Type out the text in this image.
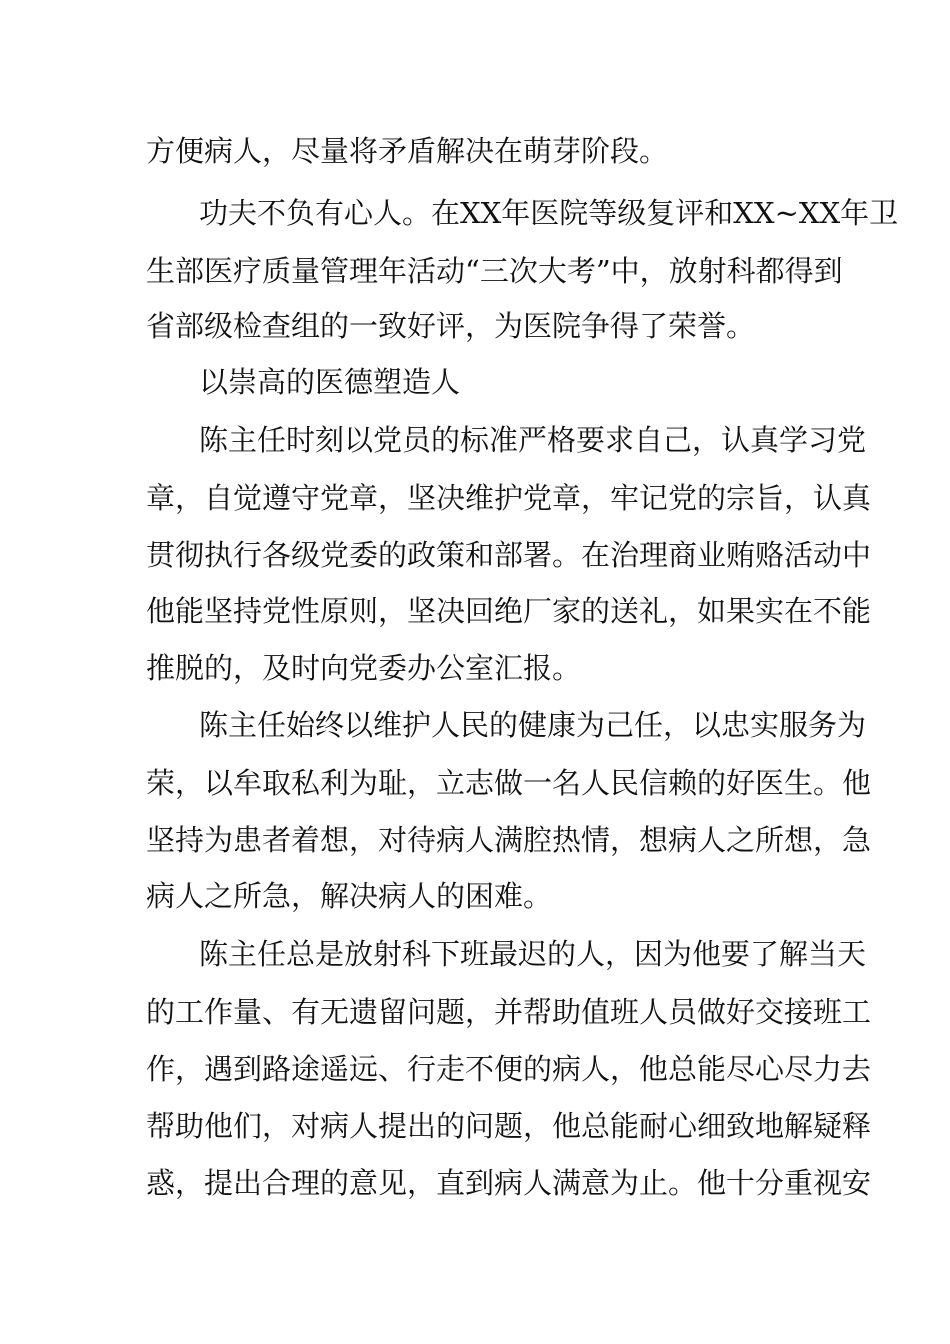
方便病人，尽量将矛盾解决在萌芽阶段。
功夫不负有心人。在XX年医院等级复评和XX~XX年卫
生部医疗质量管理年活动“三次大考”中，放射科都得到
省部级检查组的一致好评，为医院争得了荣誉。
以崇高的医德塑造人
陈主任时刻以党员的标准严格要求自己，认真学习党
章，自觉遵守党章，坚决维护党章，牢记党的宗旨，认真
贯彻执行各级党委的政策和部署。在治理商业贿赂活动中
他能坚持党性原则，坚决回绝厂家的送礼，如果实在不能
推脱的，及时向党委办公室汇报。
陈主任始终以维护人民的健康为己任，以忠实服务为
荣，以牟取私利为耻，立志做一名人民信赖的好医生。他
坚持为患者着想，对待病人满腔热情，想病人之所想，急
病人之所急，解决病人的困难。
陈主任总是放射科下班最迟的人，因为他要了解当天
的工作量、有无遗留问题，并帮助值班人员做好交接班工
作，遇到路途遥远、行走不便的病人，他总能尽心尽力去
帮助他们，对病人提出的问题，他总能耐心细致地解疑释
惑，提出合理的意见，直到病人满意为止。他十分重视安
